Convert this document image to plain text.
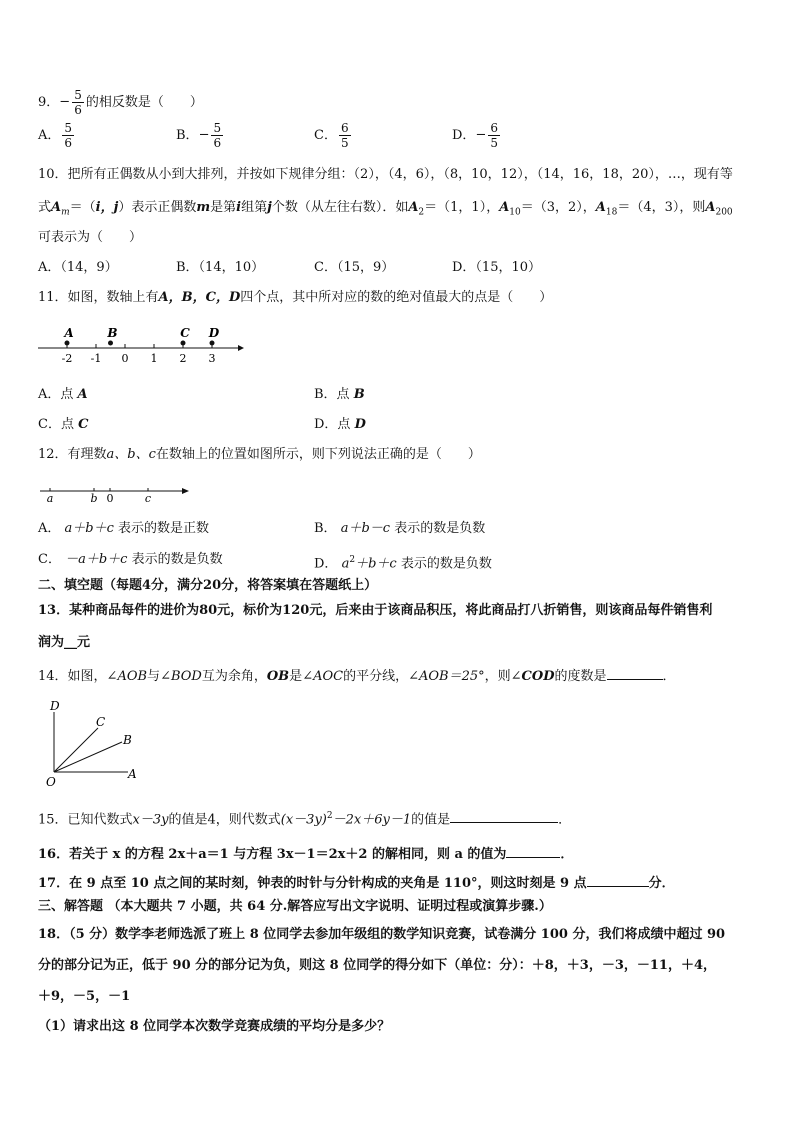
9．− $\frac{5}{6}$ 的相反数是（　　）
A． $\frac{5}{6}$	B．− $\frac{5}{6}$	C． $\frac{6}{5}$	D．− $\frac{6}{5}$
10．把所有正偶数从小到大排列，并按如下规律分组：（2），（4，6），（8，10，12），（14，16，18，20），…，现有等
式$A_m=(i$，j）表示正偶数m是第i组第j个数（从左往右数）．如$A_2=(1$，1），$A_{10}=(3$，2），$A_{18}=(4$，3），则$A_{200}$
可表示为（　　）
A．（14，9）	B．（14，10）	C．（15，9）	D．（15，10）
11．如图，数轴上有A，B，C，D四个点，其中所对应的数的绝对值最大的点是（　　）
-2 -1 0 1 2 3
A	B	C D
A．点 A	B．点 B
C．点 C	D．点 D
12．有理数a、b、c在数轴上的位置如图所示，则下列说法正确的是（　　）
a	b 0	c
A． a＋b＋c 表示的数是正数	B． a＋b－c 表示的数是负数
C． －a＋b＋c 表示的数是负数	D． $a^2+b+c$ 表示的数是负数
二、填空题（每题4分，满分20分，将答案填在答题纸上）
13．某种商品每件的进价为80元，标价为120元，后来由于该商品积压，将此商品打八折销售，则该商品每件销售利
润为__元
14．如图，∠AOB与∠BOD互为余角，OB是∠AOC的平分线，∠AOB＝25°，则∠COD的度数是	．
D
C
B
O
A
15．已知代数式x－3y的值是4，则代数式$(x-3y)^2-2x+6y-1$的值是	．
16．若关于 x 的方程 2x＋a＝1 与方程 3x－1＝2x＋2 的解相同，则 a 的值为	．
17．在 9 点至 10 点之间的某时刻，钟表的时针与分针构成的夹角是 110°，则这时刻是 9 点	分．
三、解答题 （本大题共 7 小题，共 64 分.解答应写出文字说明、证明过程或演算步骤.）
18．（5 分）数学李老师选派了班上 8 位同学去参加年级组的数学知识竞赛，试卷满分 100 分，我们将成绩中超过 90
分的部分记为正，低于 90 分的部分记为负，则这 8 位同学的得分如下（单位：分）：＋8，＋3，－3，－11，＋4，
＋9，－5，－1
（1）请求出这 8 位同学本次数学竞赛成绩的平均分是多少？
